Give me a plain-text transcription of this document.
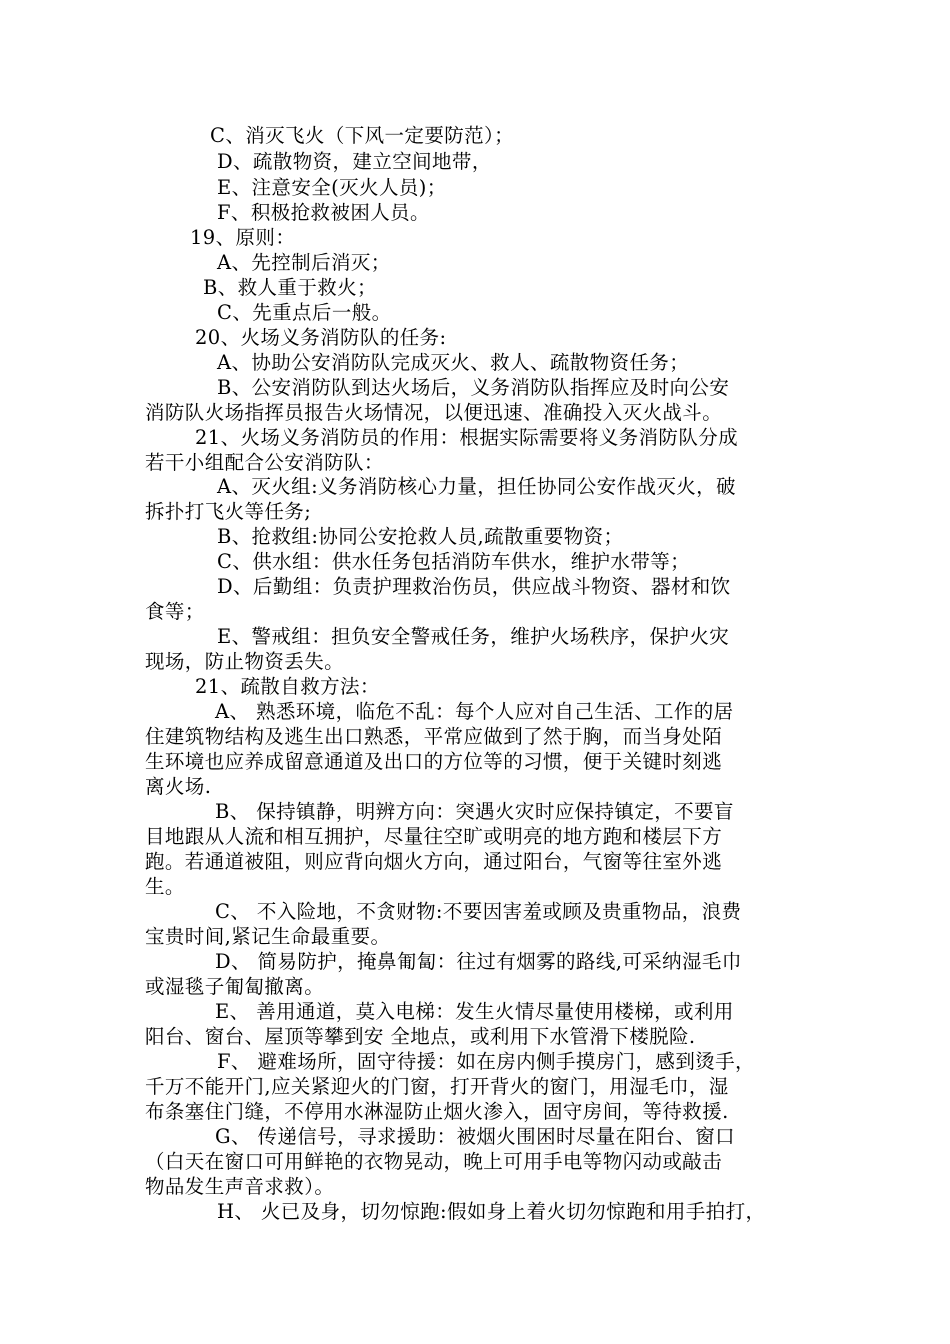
C、消灭飞火（下风一定要防范）；
D、疏散物资，建立空间地带，
E、注意安全(灭火人员)；
F、积极抢救被困人员。
19、原则：
A、先控制后消灭；
B、救人重于救火；
C、先重点后一般。
20、火场义务消防队的任务:
A、协助公安消防队完成灭火、救人、疏散物资任务；
B、公安消防队到达火场后，义务消防队指挥应及时向公安
消防队火场指挥员报告火场情况，以便迅速、准确投入灭火战斗。
21、火场义务消防员的作用：根据实际需要将义务消防队分成
若干小组配合公安消防队：
A、灭火组:义务消防核心力量，担任协同公安作战灭火，破
拆扑打飞火等任务;
B、抢救组:协同公安抢救人员,疏散重要物资；
C、供水组：供水任务包括消防车供水，维护水带等；
D、后勤组：负责护理救治伤员，供应战斗物资、器材和饮
食等；
E、警戒组：担负安全警戒任务，维护火场秩序，保护火灾
现场，防止物资丢失。
21、疏散自救方法：
A、 熟悉环境，临危不乱：每个人应对自己生活、工作的居
住建筑物结构及逃生出口熟悉，平常应做到了然于胸，而当身处陌
生环境也应养成留意通道及出口的方位等的习惯，便于关键时刻逃
离火场.
B、 保持镇静，明辨方向：突遇火灾时应保持镇定，不要盲
目地跟从人流和相互拥护，尽量往空旷或明亮的地方跑和楼层下方
跑。若通道被阻，则应背向烟火方向，通过阳台，气窗等往室外逃
生。
C、 不入险地，不贪财物:不要因害羞或顾及贵重物品，浪费
宝贵时间,紧记生命最重要。
D、 简易防护，掩鼻匍匐：往过有烟雾的路线,可采纳湿毛巾
或湿毯子匍匐撤离。
E、 善用通道，莫入电梯：发生火情尽量使用楼梯，或利用
阳台、窗台、屋顶等攀到安 全地点，或利用下水管滑下楼脱险.
F、 避难场所，固守待援：如在房内侧手摸房门，感到烫手，
千万不能开门,应关紧迎火的门窗，打开背火的窗门，用湿毛巾，湿
布条塞住门缝，不停用水淋湿防止烟火渗入，固守房间，等待救援.
G、 传递信号，寻求援助：被烟火围困时尽量在阳台、窗口
（白天在窗口可用鲜艳的衣物晃动，晚上可用手电等物闪动或敲击
物品发生声音求救）。
H、 火已及身，切勿惊跑:假如身上着火切勿惊跑和用手拍打，
